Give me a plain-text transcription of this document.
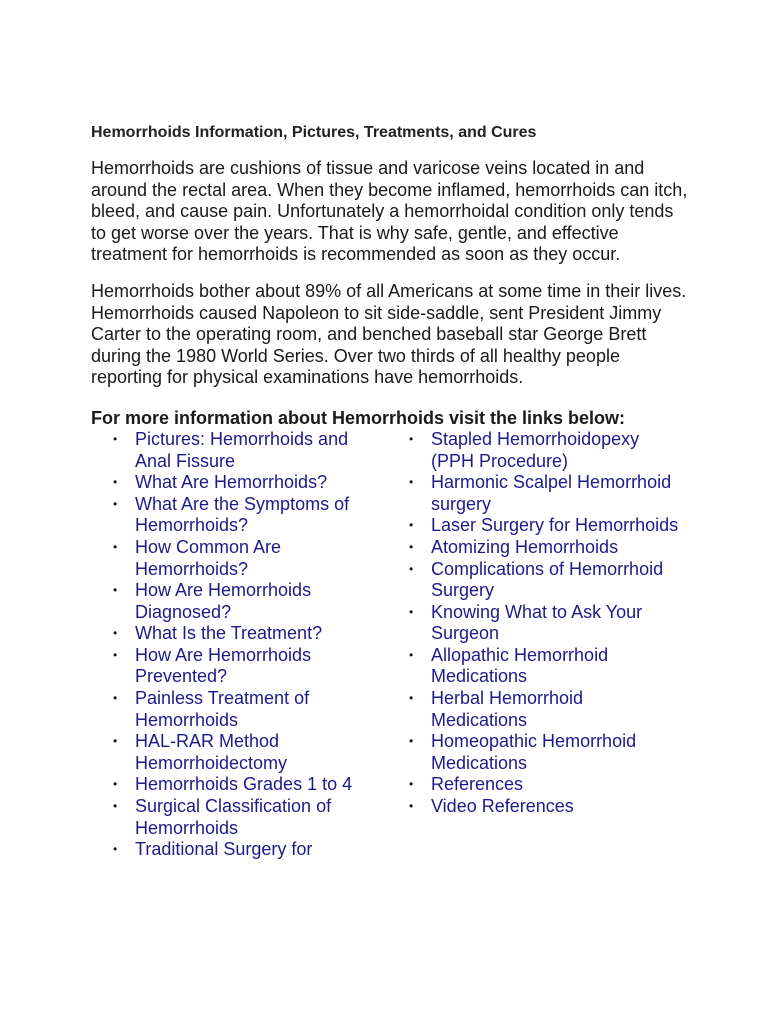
Hemorrhoids Information, Pictures, Treatments, and Cures

Hemorrhoids are cushions of tissue and varicose veins located in and around the rectal area. When they become inflamed, hemorrhoids can itch, bleed, and cause pain. Unfortunately a hemorrhoidal condition only tends to get worse over the years. That is why safe, gentle, and effective treatment for hemorrhoids is recommended as soon as they occur.

Hemorrhoids bother about 89% of all Americans at some time in their lives. Hemorrhoids caused Napoleon to sit side-saddle, sent President Jimmy Carter to the operating room, and benched baseball star George Brett during the 1980 World Series. Over two thirds of all healthy people reporting for physical examinations have hemorrhoids.

For more information about Hemorrhoids visit the links below:
• Pictures: Hemorrhoids and Anal Fissure
• What Are Hemorrhoids?
• What Are the Symptoms of Hemorrhoids?
• How Common Are Hemorrhoids?
• How Are Hemorrhoids Diagnosed?
• What Is the Treatment?
• How Are Hemorrhoids Prevented?
• Painless Treatment of Hemorrhoids
• HAL-RAR Method Hemorrhoidectomy
• Hemorrhoids Grades 1 to 4
• Surgical Classification of Hemorrhoids
• Traditional Surgery for
• Stapled Hemorrhoidopexy (PPH Procedure)
• Harmonic Scalpel Hemorrhoid surgery
• Laser Surgery for Hemorrhoids
• Atomizing Hemorrhoids
• Complications of Hemorrhoid Surgery
• Knowing What to Ask Your Surgeon
• Allopathic Hemorrhoid Medications
• Herbal Hemorrhoid Medications
• Homeopathic Hemorrhoid Medications
• References
• Video References
